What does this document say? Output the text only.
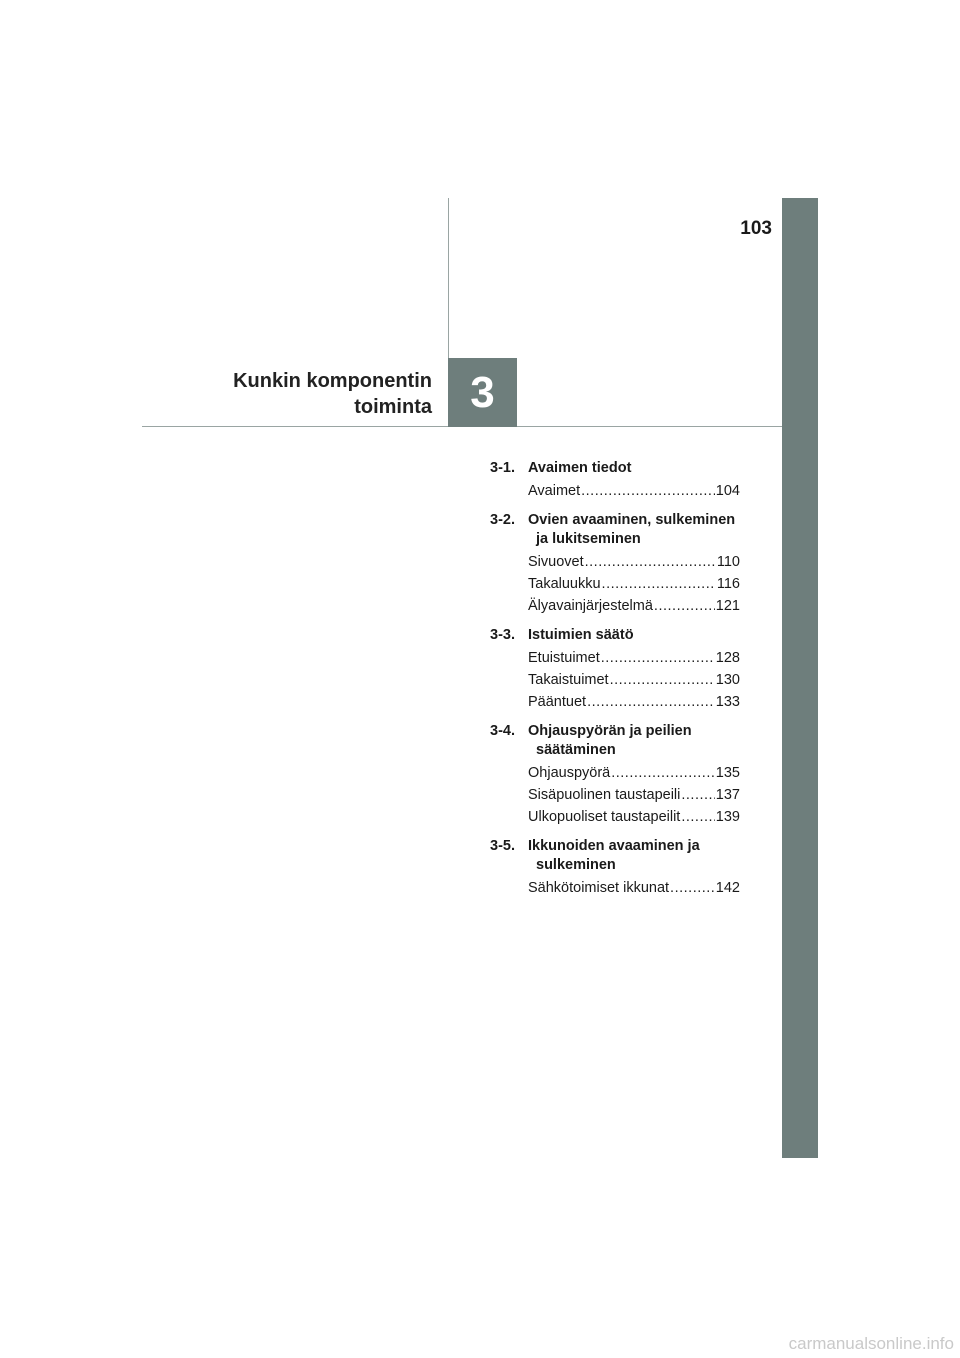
103
Kunkin komponentin
toiminta 3
3-1. Avaimen tiedot
Avaimet .....	104
3-2. Ovien avaaminen, sulkeminen ja lukitseminen
Sivuovet .....	110
Takaluukku .....	116
Älyavainjärjestelmä .....	121
3-3. Istuimien säätö
Etuistuimet .....	128
Takaistuimet .....	130
Pääntuet .....	133
3-4. Ohjauspyörän ja peilien säätäminen
Ohjauspyörä .....	135
Sisäpuolinen taustapeili ..... 137
Ulkopuoliset taustapeilit ..... 139
3-5. Ikkunoiden avaaminen ja sulkeminen
Sähkötoimiset ikkunat .....	142
carmanualsonline.info
